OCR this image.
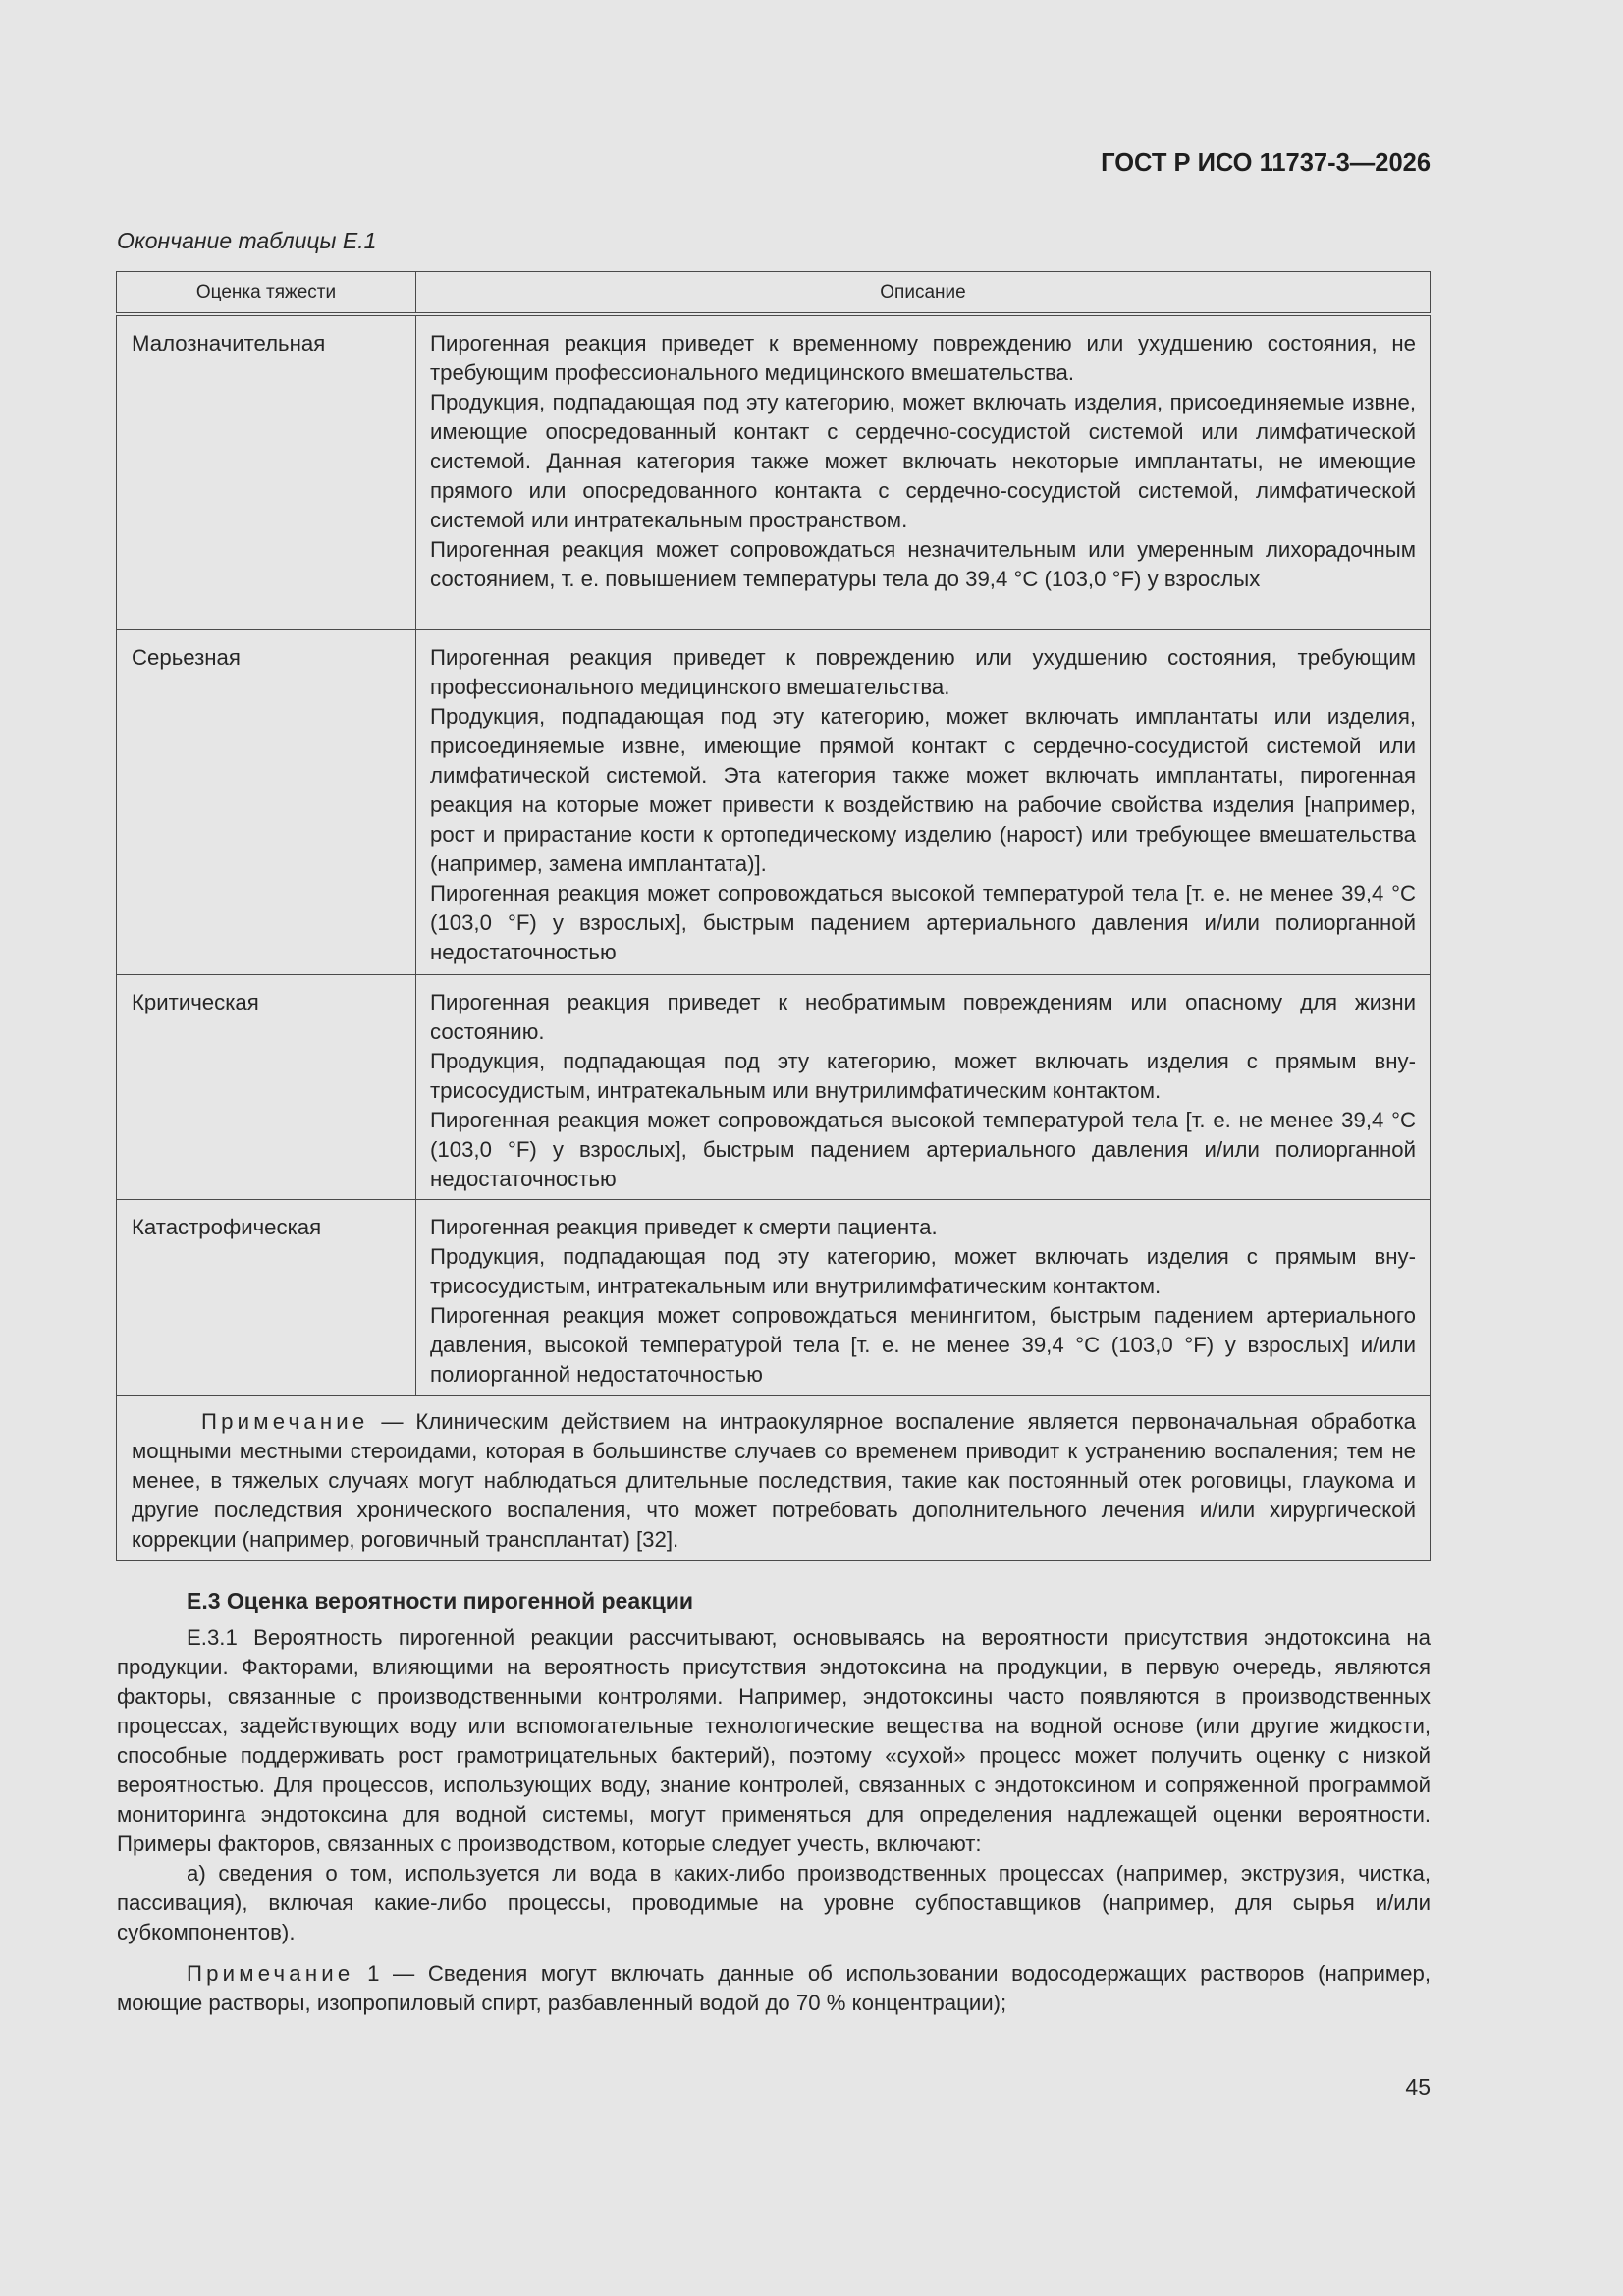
ГОСТ Р ИСО 11737-3—2026
Окончание таблицы Е.1
Оценка тяжести	Описание
Малозначительная	Пирогенная реакция приведет к временному повреждению или ухудшению состояния, не требующим профессионального медицинского вмешательства.

Продукция, подпадающая под эту категорию, может включать изделия, присоединяемые извне, имеющие опосредованный контакт с сердечно-сосудистой системой или лимфатической системой. Данная категория также может включать некоторые имплантаты, не имеющие прямого или опосредованного контакта с сердечно-сосудистой системой, лимфатической системой или интратекальным пространством.

Пирогенная реакция может сопровождаться незначительным или умеренным лихорадочным состоянием, т. е. повышением температуры тела до 39,4 °C (103,0 °F) у взрослых

Серьезная	Пирогенная реакция приведет к повреждению или ухудшению состояния, требующим профессионального медицинского вмешательства.

Продукция, подпадающая под эту категорию, может включать имплантаты или изделия, присоединяемые извне, имеющие прямой контакт с сердечно-сосудистой системой или лимфатической системой. Эта категория также может включать имплантаты, пирогенная реакция на которые может привести к воздействию на рабочие свойства изделия [например, рост и прирастание кости к ортопедическому изделию (нарост) или требующее вмешательства (например, замена имплантата)].

Пирогенная реакция может сопровождаться высокой температурой тела [т. е. не менее 39,4 °C (103,0 °F) у взрослых], быстрым падением артериального давления и/или полиорганной недостаточностью

Критическая	Пирогенная реакция приведет к необратимым повреждениям или опасному для жизни состоянию.

Продукция, подпадающая под эту категорию, может включать изделия с прямым внутрисосудистым, интратекальным или внутрилимфатическим контактом.

Пирогенная реакция может сопровождаться высокой температурой тела [т. е. не менее 39,4 °C (103,0 °F) у взрослых], быстрым падением артериального давления и/или полиорганной недостаточностью

Катастрофическая	Пирогенная реакция приведет к смерти пациента.

Продукция, подпадающая под эту категорию, может включать изделия с прямым внутрисосудистым, интратекальным или внутрилимфатическим контактом.

Пирогенная реакция может сопровождаться менингитом, быстрым падением артериального давления, высокой температурой тела [т. е. не менее 39,4 °C (103,0 °F) у взрослых] и/или полиорганной недостаточностью

Примечание — Клиническим действием на интраокулярное воспаление является первоначальная обработка мощными местными стероидами, которая в большинстве случаев со временем приводит к устранению воспаления; тем не менее, в тяжелых случаях могут наблюдаться длительные последствия, такие как постоянный отек роговицы, глаукома и другие последствия хронического воспаления, что может потребовать дополнительного лечения и/или хирургической коррекции (например, роговичный трансплантат) [32].	
Е.3 Оценка вероятности пирогенной реакции

Е.3.1 Вероятность пирогенной реакции рассчитывают, основываясь на вероятности присутствия эндотоксина на продукции. Факторами, влияющими на вероятность присутствия эндотоксина на продукции, в первую очередь, являются факторы, связанные с производственными контролями. Например, эндотоксины часто появляются в производственных процессах, задействующих воду или вспомогательные технологические вещества на водной основе (или другие жидкости, способные поддерживать рост грамотрицательных бактерий), поэтому «сухой» процесс может получить оценку с низкой вероятностью. Для процессов, использующих воду, знание контролей, связанных с эндотоксином и сопряженной программой мониторинга эндотоксина для водной системы, могут применяться для определения надлежащей оценки вероятности. Примеры факторов, связанных с производством, которые следует учесть, включают:

a) сведения о том, используется ли вода в каких-либо производственных процессах (например, экструзия, чистка, пассивация), включая какие-либо процессы, проводимые на уровне субпоставщиков (например, для сырья и/или субкомпонентов).

Примечание 1 — Сведения могут включать данные об использовании водосодержащих растворов (например, моющие растворы, изопропиловый спирт, разбавленный водой до 70 % концентрации);

45
